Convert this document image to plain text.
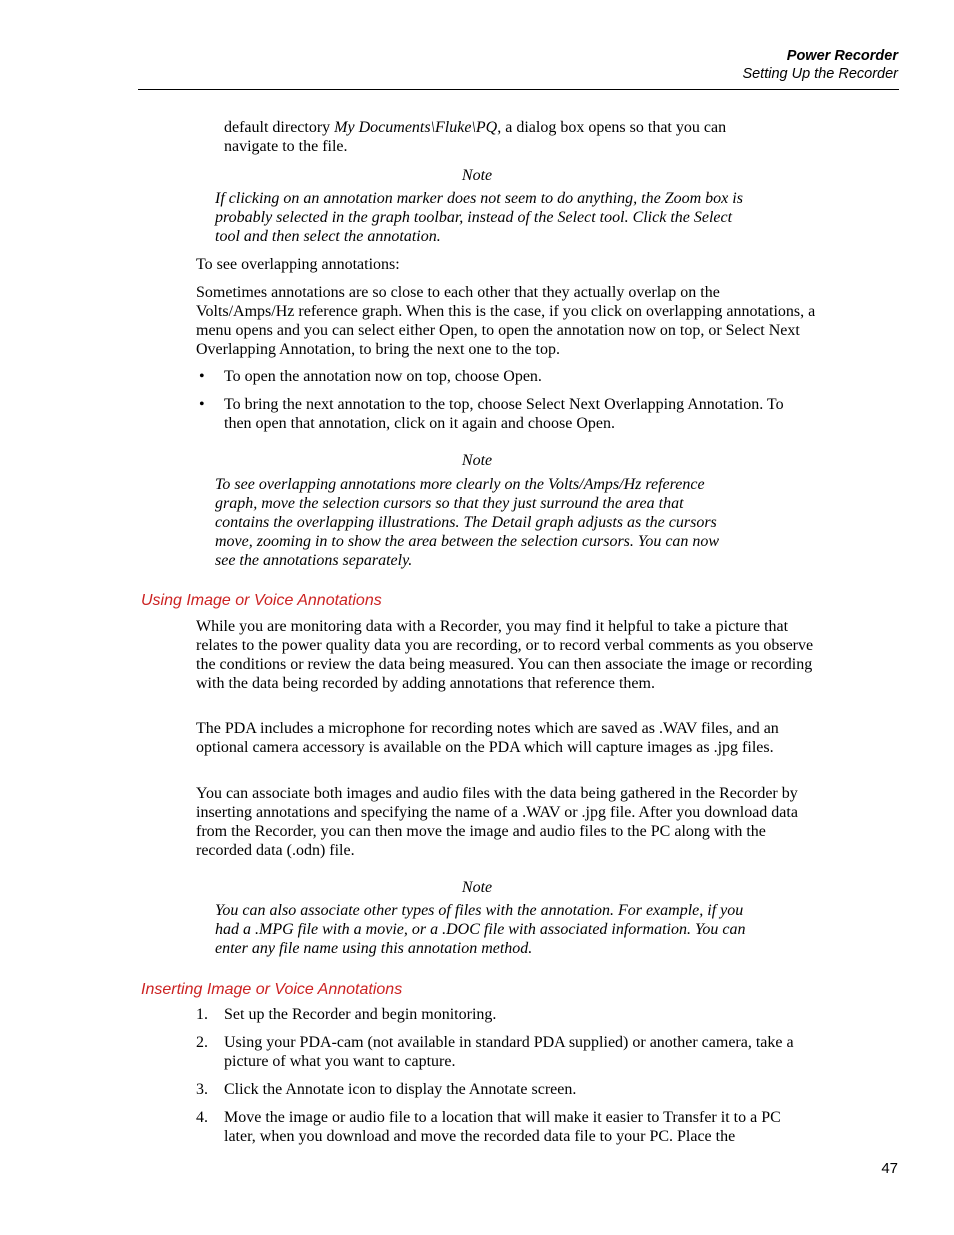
Power Recorder
Setting Up the Recorder

default directory My Documents\Fluke\PQ, a dialog box opens so that you can navigate to the file.

Note

If clicking on an annotation marker does not seem to do anything, the Zoom box is probably selected in the graph toolbar, instead of the Select tool. Click the Select tool and then select the annotation.

To see overlapping annotations:

Sometimes annotations are so close to each other that they actually overlap on the Volts/Amps/Hz reference graph. When this is the case, if you click on overlapping annotations, a menu opens and you can select either Open, to open the annotation now on top, or Select Next Overlapping Annotation, to bring the next one to the top.

• To open the annotation now on top, choose Open.

• To bring the next annotation to the top, choose Select Next Overlapping Annotation. To then open that annotation, click on it again and choose Open.

Note

To see overlapping annotations more clearly on the Volts/Amps/Hz reference graph, move the selection cursors so that they just surround the area that contains the overlapping illustrations. The Detail graph adjusts as the cursors move, zooming in to show the area between the selection cursors. You can now see the annotations separately.

Using Image or Voice Annotations

While you are monitoring data with a Recorder, you may find it helpful to take a picture that relates to the power quality data you are recording, or to record verbal comments as you observe the conditions or review the data being measured. You can then associate the image or recording with the data being recorded by adding annotations that reference them.

The PDA includes a microphone for recording notes which are saved as .WAV files, and an optional camera accessory is available on the PDA which will capture images as .jpg files.

You can associate both images and audio files with the data being gathered in the Recorder by inserting annotations and specifying the name of a .WAV or .jpg file. After you download data from the Recorder, you can then move the image and audio files to the PC along with the recorded data (.odn) file.

Note

You can also associate other types of files with the annotation. For example, if you had a .MPG file with a movie, or a .DOC file with associated information. You can enter any file name using this annotation method.

Inserting Image or Voice Annotations
1. Set up the Recorder and begin monitoring.

2. Using your PDA-cam (not available in standard PDA supplied) or another camera, take a picture of what you want to capture.

3. Click the Annotate icon to display the Annotate screen.

4. Move the image or audio file to a location that will make it easier to Transfer it to a PC later, when you download and move the recorded data file to your PC. Place the

47
